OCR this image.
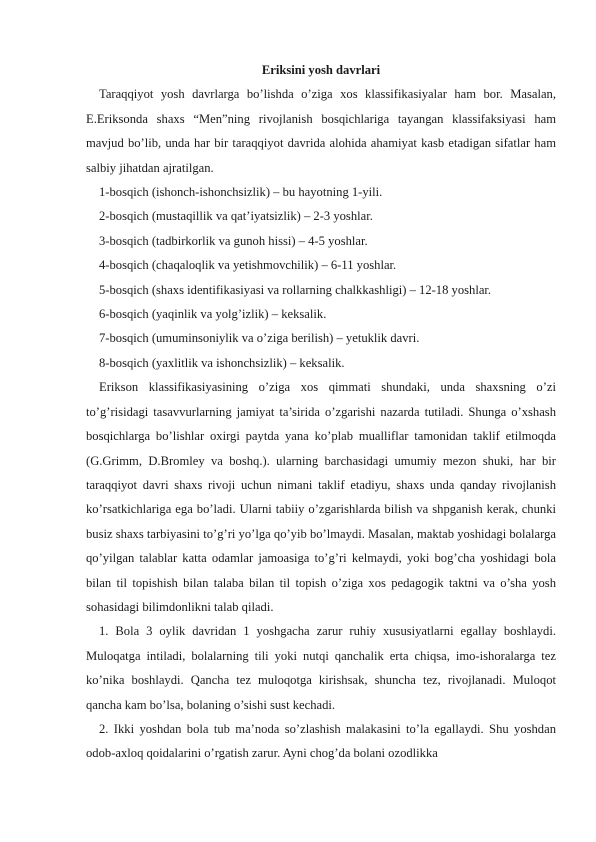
Eriksini yosh davrlari

Taraqqiyot yosh davrlarga bo’lishda o’ziga xos klassifikasiyalar ham bor. Masalan, E.Eriksonda shaxs “Men”ning rivojlanish bosqichlariga tayangan klassifaksiyasi ham mavjud bo’lib, unda har bir taraqqiyot davrida alohida ahamiyat kasb etadigan sifatlar ham salbiy jihatdan ajratilgan.

1-bosqich (ishonch-ishonchsizlik) – bu hayotning 1-yili.

2-bosqich (mustaqillik va qat’iyatsizlik) – 2-3 yoshlar.

3-bosqich (tadbirkorlik va gunoh hissi) – 4-5 yoshlar.

4-bosqich (chaqaloqlik va yetishmovchilik) – 6-11 yoshlar.

5-bosqich (shaxs identifikasiyasi va rollarning chalkkashligi) – 12-18 yoshlar.

6-bosqich (yaqinlik va yolg’izlik) – keksalik.

7-bosqich (umuminsoniylik va o’ziga berilish) – yetuklik davri.

8-bosqich (yaxlitlik va ishonchsizlik) – keksalik.

Erikson klassifikasiyasining o’ziga xos qimmati shundaki, unda shaxsning o’zi to’g’risidagi tasavvurlarning jamiyat ta’sirida o’zgarishi nazarda tutiladi. Shunga o’xshash bosqichlarga bo’lishlar oxirgi paytda yana ko’plab mualliflar tamonidan taklif etilmoqda (G.Grimm, D.Bromley va boshq.). ularning barchasidagi umumiy mezon shuki, har bir taraqqiyot davri shaxs rivoji uchun nimani taklif etadiyu, shaxs unda qanday rivojlanish ko’rsatkichlariga ega bo’ladi. Ularni tabiiy o’zgarishlarda bilish va shpganish kerak, chunki busiz shaxs tarbiyasini to’g’ri yo’lga qo’yib bo’lmaydi. Masalan, maktab yoshidagi bolalarga qo’yilgan talablar katta odamlar jamoasiga to’g’ri kelmaydi, yoki bog’cha yoshidagi bola bilan til topishish bilan talaba bilan til topish o’ziga xos pedagogik taktni va o’sha yosh sohasidagi bilimdonlikni talab qiladi.

1. Bola 3 oylik davridan 1 yoshgacha zarur ruhiy xususiyatlarni egallay boshlaydi. Muloqatga intiladi, bolalarning tili yoki nutqi qanchalik erta chiqsa, imo-ishoralarga tez ko’nika boshlaydi. Qancha tez muloqotga kirishsak, shuncha tez, rivojlanadi. Muloqot qancha kam bo’lsa, bolaning o’sishi sust kechadi.

2. Ikki yoshdan bola tub ma’noda so’zlashish malakasini to’la egallaydi. Shu yoshdan odob-axloq qoidalarini o’rgatish zarur. Ayni chog’da bolani ozodlikka
